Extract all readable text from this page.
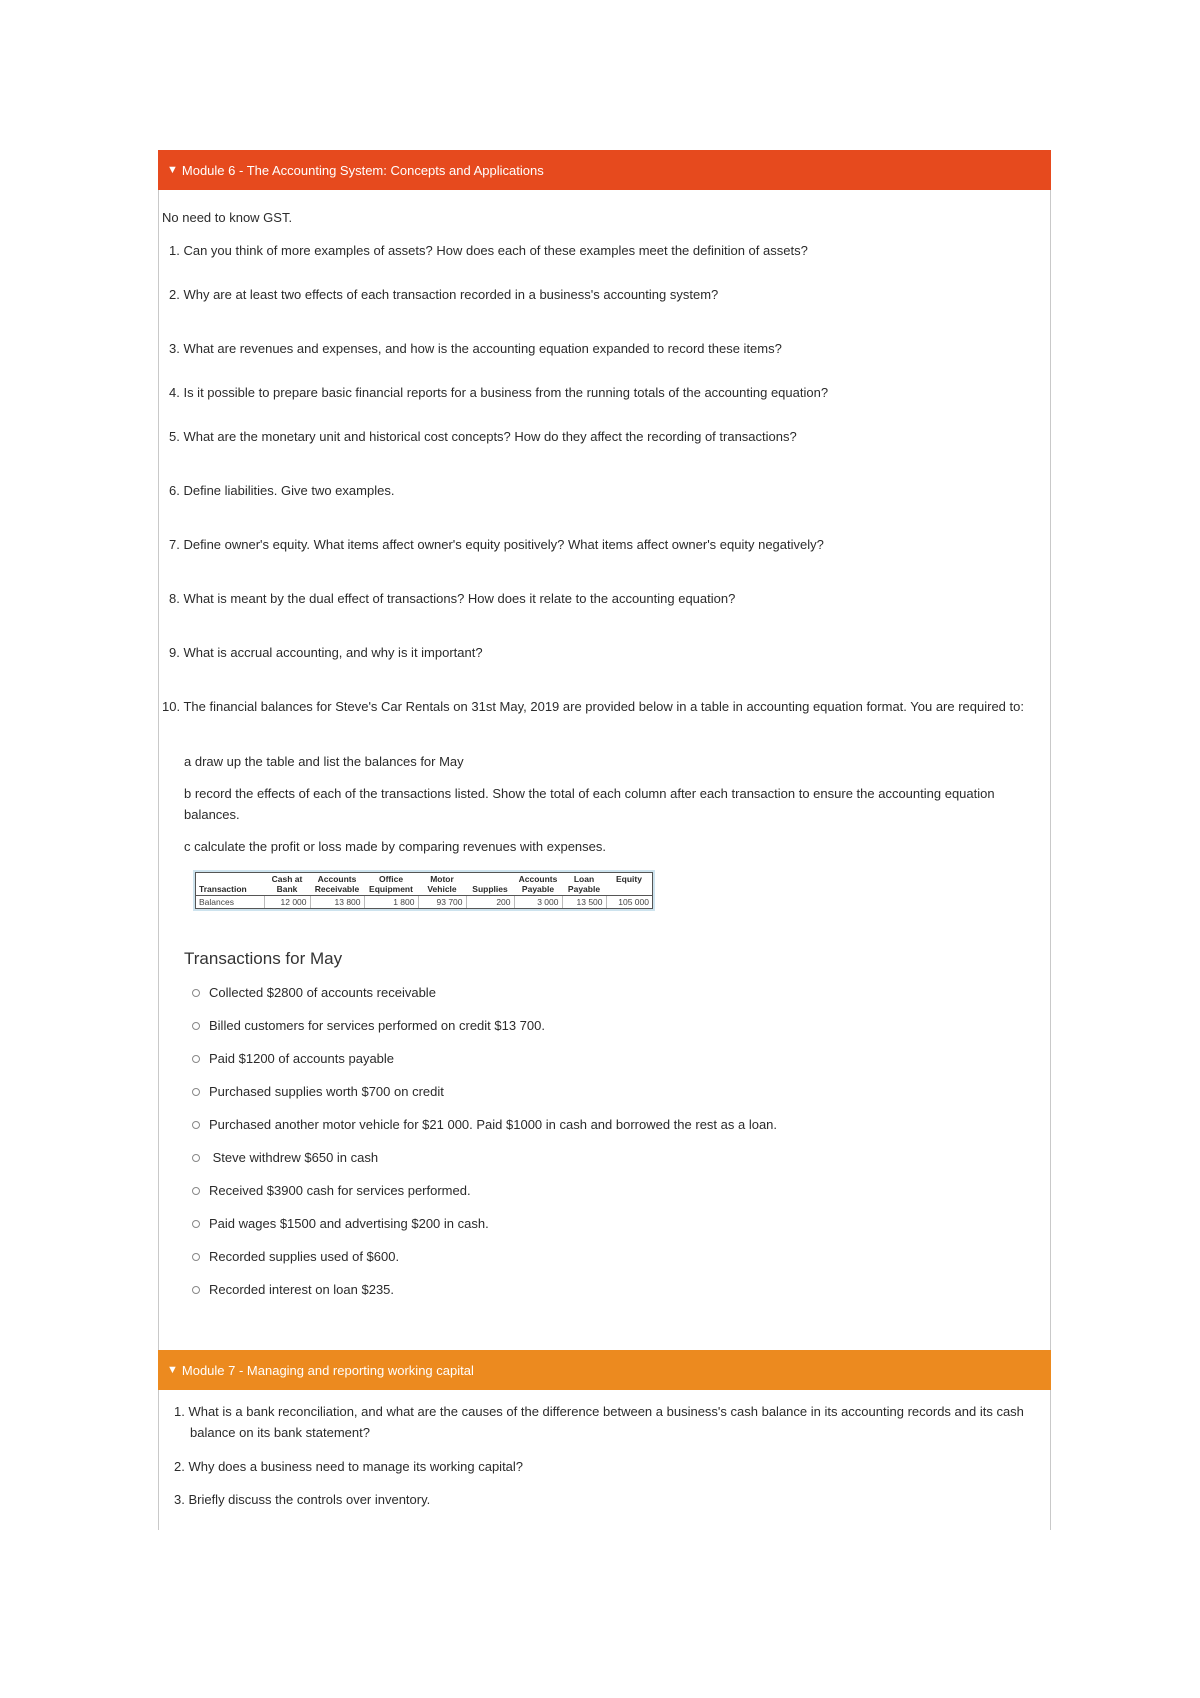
▼ Module 6 - The Accounting System: Concepts and Applications
No need to know GST.
1. Can you think of more examples of assets? How does each of these examples meet the definition of assets?
2. Why are at least two effects of each transaction recorded in a business's accounting system?
3. What are revenues and expenses, and how is the accounting equation expanded to record these items?
4. Is it possible to prepare basic financial reports for a business from the running totals of the accounting equation?
5. What are the monetary unit and historical cost concepts? How do they affect the recording of transactions?
6. Define liabilities. Give two examples.
7. Define owner's equity. What items affect owner's equity positively? What items affect owner's equity negatively?
8. What is meant by the dual effect of transactions? How does it relate to the accounting equation?
9. What is accrual accounting, and why is it important?
10. The financial balances for Steve's Car Rentals on 31st May, 2019 are provided below in a table in accounting equation format. You are required to:
a draw up the table and list the balances for May
b record the effects of each of the transactions listed. Show the total of each column after each transaction to ensure the accounting equation balances.
c calculate the profit or loss made by comparing revenues with expenses.
Transaction	Cash at Bank	Accounts Receivable	Office Equipment	Motor Vehicle	Supplies	Accounts Payable	Loan Payable	Equity
Balances	12 000	13 800	1 800	93 700	200	3 000	13 500	105 000
Transactions for May
Collected $2800 of accounts receivable
Billed customers for services performed on credit $13 700.
Paid $1200 of accounts payable
Purchased supplies worth $700 on credit
Purchased another motor vehicle for $21 000. Paid $1000 in cash and borrowed the rest as a loan.
Steve withdrew $650 in cash
Received $3900 cash for services performed.
Paid wages $1500 and advertising $200 in cash.
Recorded supplies used of $600.
Recorded interest on loan $235.
▼ Module 7 - Managing and reporting working capital
1. What is a bank reconciliation, and what are the causes of the difference between a business's cash balance in its accounting records and its cash balance on its bank statement?
2. Why does a business need to manage its working capital?
3. Briefly discuss the controls over inventory.
